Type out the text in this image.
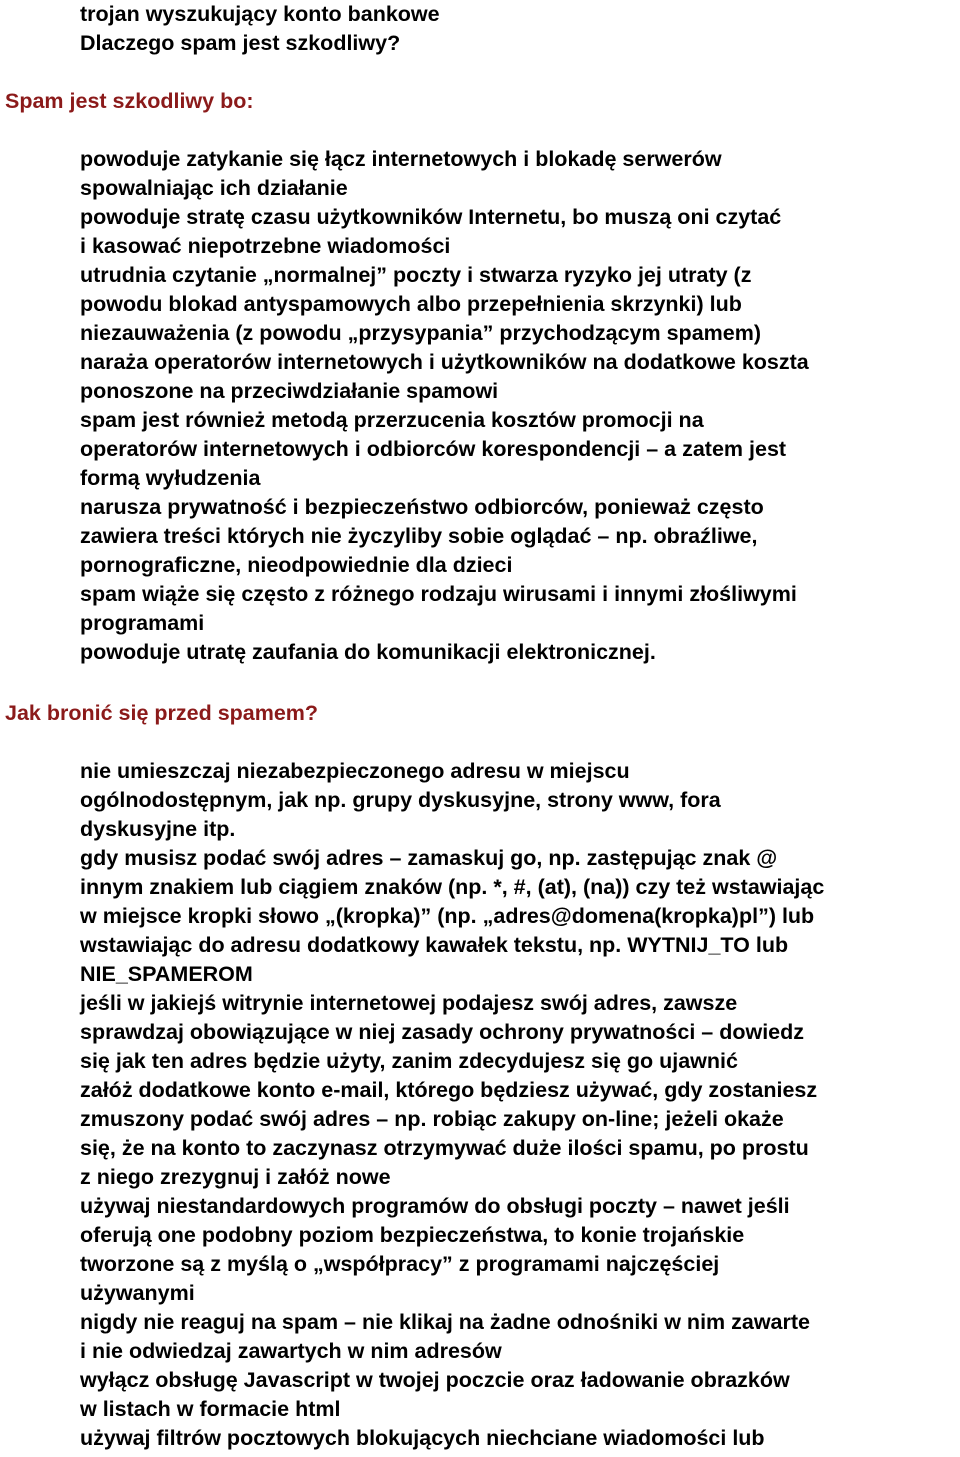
trojan wyszukujący konto bankowe
Dlaczego spam jest szkodliwy?
Spam jest szkodliwy bo:
powoduje zatykanie się łącz internetowych i blokadę serwerów
spowalniając ich działanie
powoduje stratę czasu użytkowników Internetu, bo muszą oni czytać
i kasować niepotrzebne wiadomości
utrudnia czytanie „normalnej” poczty i stwarza ryzyko jej utraty (z
powodu blokad antyspamowych albo przepełnienia skrzynki) lub
niezauważenia (z powodu „przysypania” przychodzącym spamem)
naraża operatorów internetowych i użytkowników na dodatkowe koszta
ponoszone na przeciwdziałanie spamowi
spam jest również metodą przerzucenia kosztów promocji na
operatorów internetowych i odbiorców korespondencji – a zatem jest
formą wyłudzenia
narusza prywatność i bezpieczeństwo odbiorców, ponieważ często
zawiera treści których nie życzyliby sobie oglądać – np. obraźliwe,
pornograficzne, nieodpowiednie dla dzieci
spam wiąże się często z różnego rodzaju wirusami i innymi złośliwymi
programami
powoduje utratę zaufania do komunikacji elektronicznej.
Jak bronić się przed spamem?
nie umieszczaj niezabezpieczonego adresu w miejscu
ogólnodostępnym, jak np. grupy dyskusyjne, strony www, fora
dyskusyjne itp.
gdy musisz podać swój adres – zamaskuj go, np. zastępując znak @
innym znakiem lub ciągiem znaków (np. *, #, (at), (na)) czy też wstawiając
w miejsce kropki słowo „(kropka)” (np. „adres@domena(kropka)pl”) lub
wstawiając do adresu dodatkowy kawałek tekstu, np. WYTNIJ_TO lub
NIE_SPAMEROM
jeśli w jakiejś witrynie internetowej podajesz swój adres, zawsze
sprawdzaj obowiązujące w niej zasady ochrony prywatności – dowiedz
się jak ten adres będzie użyty, zanim zdecydujesz się go ujawnić
załóż dodatkowe konto e-mail, którego będziesz używać, gdy zostaniesz
zmuszony podać swój adres – np. robiąc zakupy on-line; jeżeli okaże
się, że na konto to zaczynasz otrzymywać duże ilości spamu, po prostu
z niego zrezygnuj i załóż nowe
używaj niestandardowych programów do obsługi poczty – nawet jeśli
oferują one podobny poziom bezpieczeństwa, to konie trojańskie
tworzone są z myślą o „współpracy” z programami najczęściej
używanymi
nigdy nie reaguj na spam – nie klikaj na żadne odnośniki w nim zawarte
i nie odwiedzaj zawartych w nim adresów
wyłącz obsługę Javascript w twojej poczcie oraz ładowanie obrazków
w listach w formacie html
używaj filtrów pocztowych blokujących niechciane wiadomości lub
